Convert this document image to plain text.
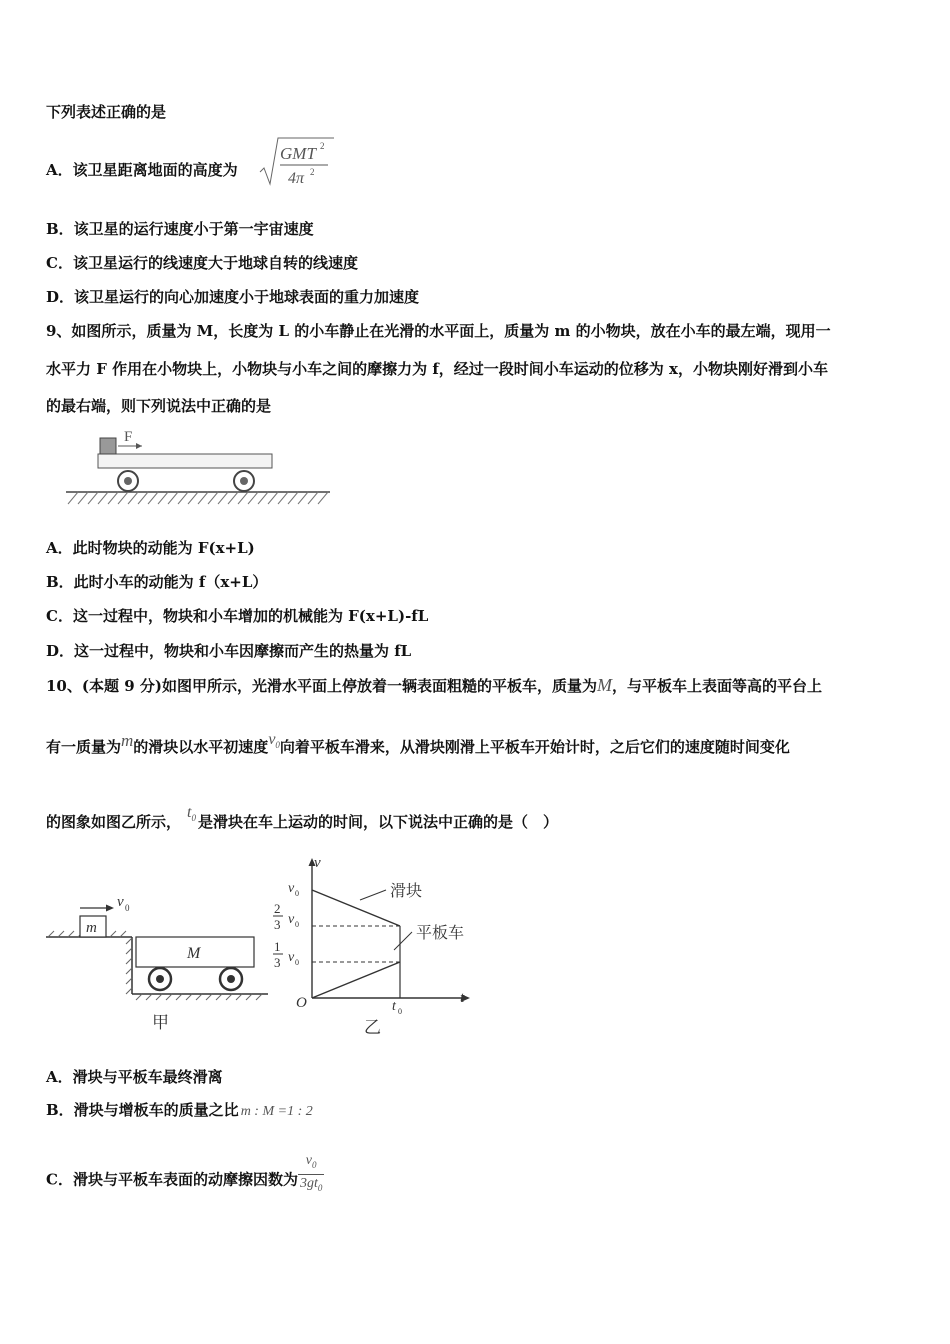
下列表述正确的是
A．该卫星距离地面的高度为
GMT 2
4π 2
B．该卫星的运行速度小于第一宇宙速度
C．该卫星运行的线速度大于地球自转的线速度
D．该卫星运行的向心加速度小于地球表面的重力加速度
9、如图所示，质量为 M，长度为 L 的小车静止在光滑的水平面上，质量为 m 的小物块，放在小车的最左端，现用一
水平力 F 作用在小物块上，小物块与小车之间的摩擦力为 f，经过一段时间小车运动的位移为 x，小物块刚好滑到小车
的最右端，则下列说法中正确的是
F
A．此时物块的动能为 F(x+L)
B．此时小车的动能为 f（x+L）
C．这一过程中，物块和小车增加的机械能为 F(x+L)-fL
D．这一过程中，物块和小车因摩擦而产生的热量为 fL
10、(本题 9 分)如图甲所示，光滑水平面上停放着一辆表面粗糙的平板车，质量为M，与平板车上表面等高的平台上
有一质量为m的滑块以水平初速度$v_0$向着平板车滑来，从滑块刚滑上平板车开始计时，之后它们的速度随时间变化
的图象如图乙所示，$t_0$ 是滑块在车上运动的时间，以下说法中正确的是（　）
m
v 0
M
甲
v
t
O
v 0
2
3 v 0
1
3 v 0
t 0
滑块
平板车
乙
A．滑块与平板车最终滑离
B．滑块与增板车的质量之比 m : M =1 : 2
C．滑块与平板车表面的动摩擦因数为 $\frac{v_0}{3gt_0}$
